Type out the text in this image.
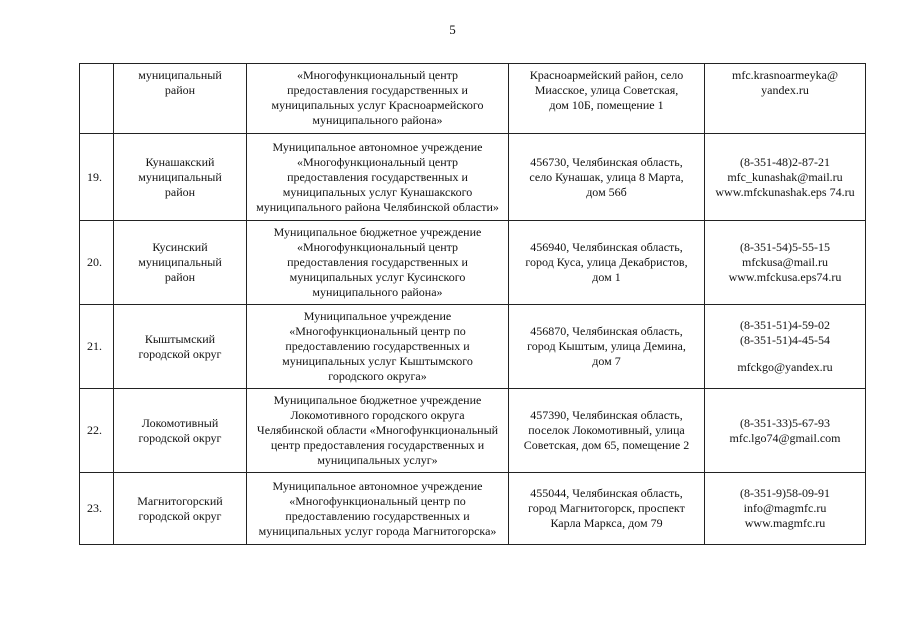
5

	муниципальный
район	«Многофункциональный центр
предоставления государственных и
муниципальных услуг Красноармейского
муниципального района»	Красноармейский район, село
Миасское, улица Советская,
дом 10Б, помещение 1	mfc.krasnoarmeyka@
yandex.ru

19.	Кунашакский
муниципальный
район	Муниципальное автономное учреждение
«Многофункциональный центр
предоставления государственных и
муниципальных услуг Кунашакского
муниципального района Челябинской области»	456730, Челябинская область,
село Кунашак, улица 8 Марта,
дом 56б	(8-351-48)2-87-21
mfc_kunashak@mail.ru
www.mfckunashak.eps 74.ru

20.	Кусинский
муниципальный
район	Муниципальное бюджетное учреждение
«Многофункциональный центр
предоставления государственных и
муниципальных услуг Кусинского
муниципального района»	456940, Челябинская область,
город Куса, улица Декабристов,
дом 1	(8-351-54)5-55-15
mfckusa@mail.ru
www.mfckusa.eps74.ru

21.	Кыштымский
городской округ	Муниципальное учреждение
«Многофункциональный центр по
предоставлению государственных и
муниципальных услуг Кыштымского
городского округа»	456870, Челябинская область,
город Кыштым, улица Демина,
дом 7	(8-351-51)4-59-02
(8-351-51)4-45-54
mfckgo@yandex.ru

22.	Локомотивный
городской округ	Муниципальное бюджетное учреждение
Локомотивного городского округа
Челябинской области «Многофункциональный
центр предоставления государственных и
муниципальных услуг»	457390, Челябинская область,
поселок Локомотивный, улица
Советская, дом 65, помещение 2	(8-351-33)5-67-93
mfc.lgo74@gmail.com

23.	Магнитогорский
городской округ	Муниципальное автономное учреждение
«Многофункциональный центр по
предоставлению государственных и
муниципальных услуг города Магнитогорска»	455044, Челябинская область,
город Магнитогорск, проспект
Карла Маркса, дом 79	(8-351-9)58-09-91
info@magmfc.ru
www.magmfc.ru
